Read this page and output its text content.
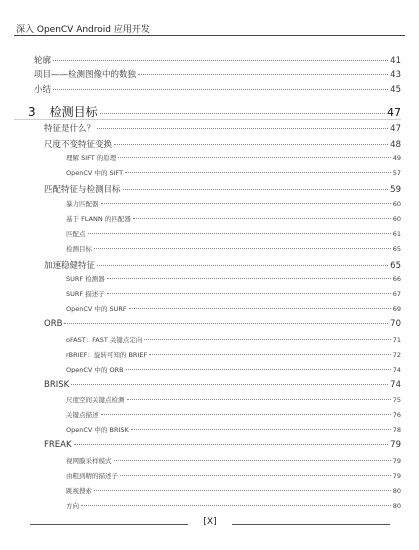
深入 OpenCV Android 应用开发
轮廓	41
项目——检测图像中的数独	43
小结	45
3 检测目标	47
特征是什么？	47
尺度不变特征变换	48
理解 SIFT 的原理	49
OpenCV 中的 SIFT	57
匹配特征与检测目标	59
暴力匹配器	60
基于 FLANN 的匹配器	60
匹配点	61
检测目标	65
加速稳健特征	65
SURF 检测器	66
SURF 描述子	67
OpenCV 中的 SURF	69
ORB	70
oFAST：FAST 关键点定向	71
rBRIEF：旋转可知的 BRIEF	72
OpenCV 中的 ORB	74
BRISK	74
尺度空间关键点检测	75
关键点描述	76
OpenCV 中的 BRISK	78
FREAK	79
视网膜采样模式	79
由粗到精的描述子	79
跳视搜索	80
方向	80
[X]
